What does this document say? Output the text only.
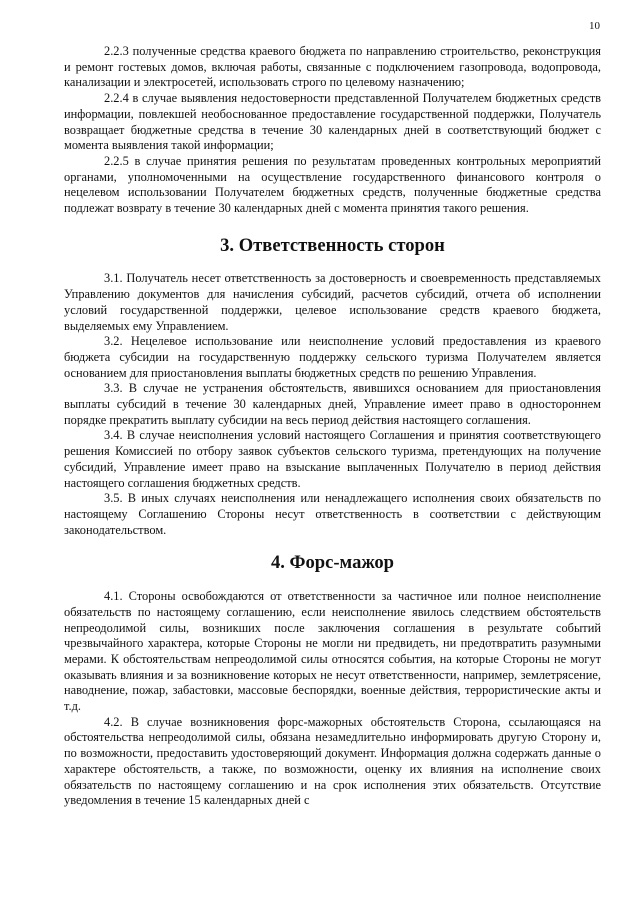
10

2.2.3 полученные средства краевого бюджета по направлению строительство, реконструкция и ремонт гостевых домов, включая работы, связанные с подключением газопровода, водопровода, канализации и электросетей, использовать строго по целевому назначению;

2.2.4 в случае выявления недостоверности представленной Получателем бюджетных средств информации, повлекшей необоснованное предоставление государственной поддержки, Получатель возвращает бюджетные средства в течение 30 календарных дней в соответствующий бюджет с момента выявления такой информации;

2.2.5 в случае принятия решения по результатам проведенных контрольных мероприятий органами, уполномоченными на осуществление государственного финансового контроля о нецелевом использовании Получателем бюджетных средств, полученные бюджетные средства подлежат возврату в течение 30 календарных дней с момента принятия такого решения.

3. Ответственность сторон

3.1. Получатель несет ответственность за достоверность и своевременность представляемых Управлению документов для начисления субсидий, расчетов субсидий, отчета об исполнении условий государственной поддержки, целевое использование средств краевого бюджета, выделяемых ему Управлением.

3.2. Нецелевое использование или неисполнение условий предоставления из краевого бюджета субсидии на государственную поддержку сельского туризма Получателем является основанием для приостановления выплаты бюджетных средств по решению Управления.

3.3. В случае не устранения обстоятельств, явившихся основанием для приостановления выплаты субсидий в течение 30 календарных дней, Управление имеет право в одностороннем порядке прекратить выплату субсидии на весь период действия настоящего соглашения.

3.4. В случае неисполнения условий настоящего Соглашения и принятия соответствующего решения Комиссией по отбору заявок субъектов сельского туризма, претендующих на получение субсидий, Управление имеет право на взыскание выплаченных Получателю в период действия настоящего соглашения бюджетных средств.

3.5. В иных случаях неисполнения или ненадлежащего исполнения своих обязательств по настоящему Соглашению Стороны несут ответственность в соответствии с действующим законодательством.

4. Форс-мажор

4.1. Стороны освобождаются от ответственности за частичное или полное неисполнение обязательств по настоящему соглашению, если неисполнение явилось следствием обстоятельств непреодолимой силы, возникших после заключения соглашения в результате событий чрезвычайного характера, которые Стороны не могли ни предвидеть, ни предотвратить разумными мерами. К обстоятельствам непреодолимой силы относятся события, на которые Стороны не могут оказывать влияния и за возникновение которых не несут ответственности, например, землетрясение, наводнение, пожар, забастовки, массовые беспорядки, военные действия, террористические акты и т.д.

4.2. В случае возникновения форс-мажорных обстоятельств Сторона, ссылающаяся на обстоятельства непреодолимой силы, обязана незамедлительно информировать другую Сторону и, по возможности, предоставить удостоверяющий документ. Информация должна содержать данные о характере обстоятельств, а также, по возможности, оценку их влияния на исполнение своих обязательств по настоящему соглашению и на срок исполнения этих обязательств. Отсутствие уведомления в течение 15 календарных дней с
